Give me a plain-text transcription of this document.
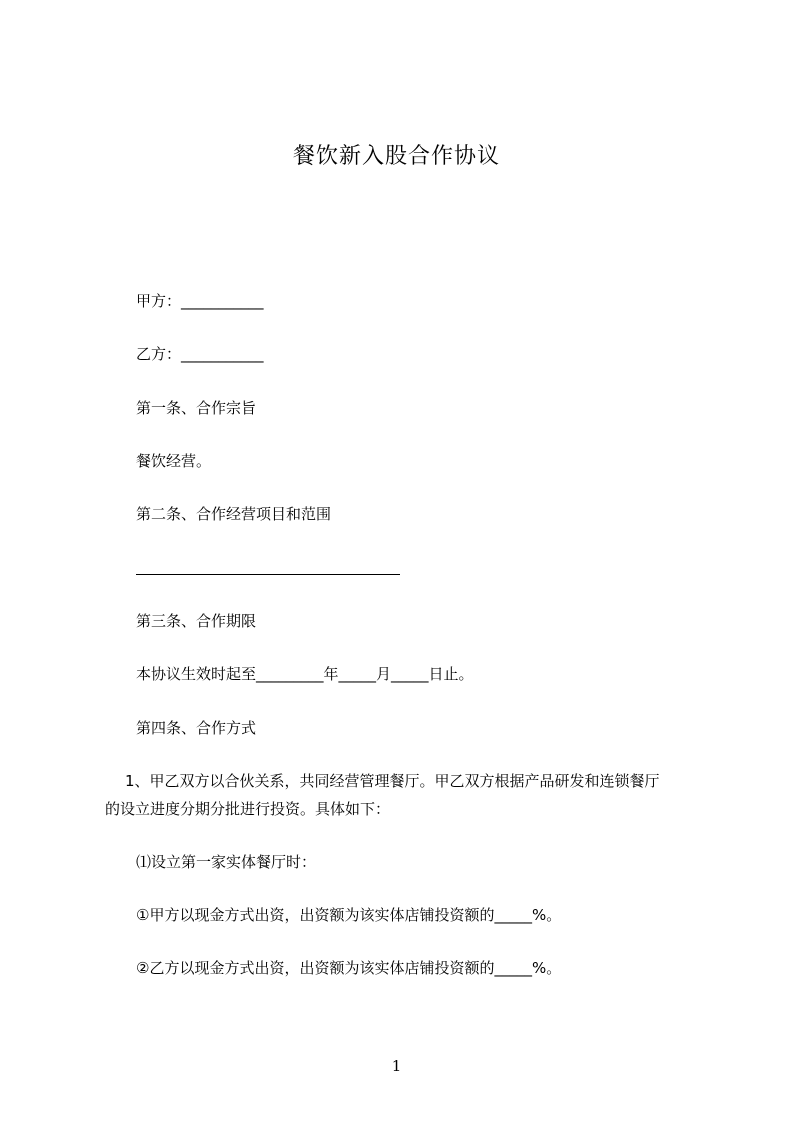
餐饮新入股合作协议
甲方：___________
乙方：___________
第一条、合作宗旨
餐饮经营。
第二条、合作经营项目和范围
第三条、合作期限
本协议生效时起至_________年_____月_____日止。
第四条、合作方式
1、甲乙双方以合伙关系，共同经营管理餐厅。甲乙双方根据产品研发和连锁餐厅
的设立进度分期分批进行投资。具体如下：
⑴设立第一家实体餐厅时：
①甲方以现金方式出资，出资额为该实体店铺投资额的_____%。
②乙方以现金方式出资，出资额为该实体店铺投资额的_____%。
1
